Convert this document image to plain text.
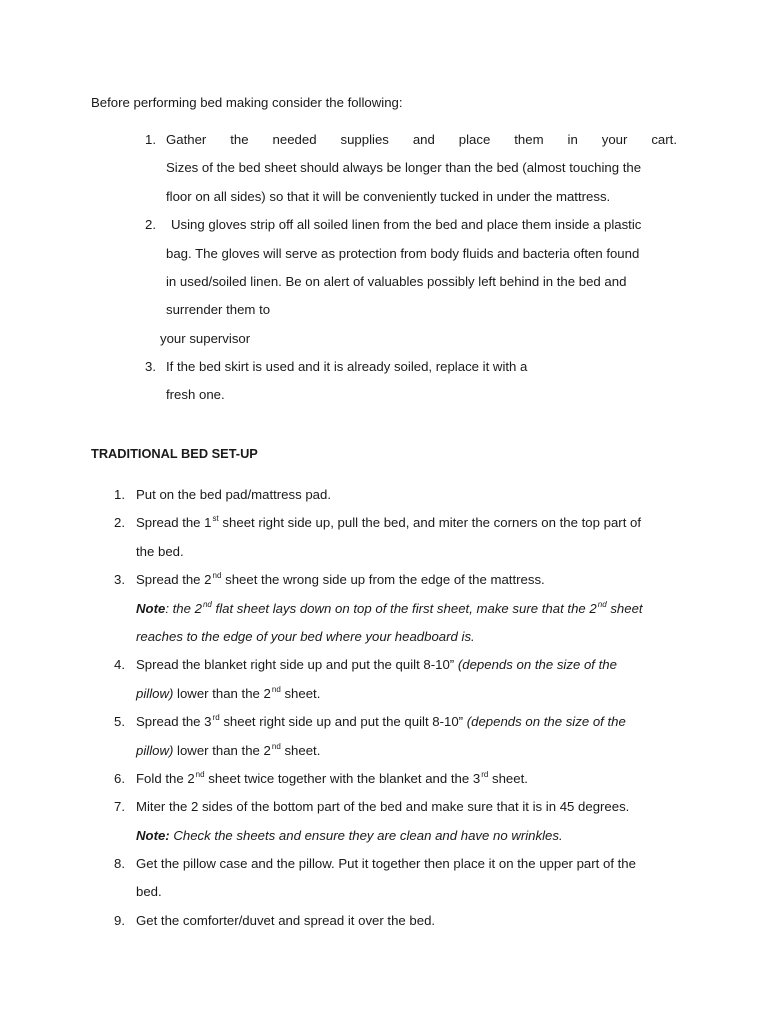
Before performing bed making consider the following:
1. Gather the needed supplies and place them in your cart.
Sizes of the bed sheet should always be longer than the bed (almost touching the
floor on all sides) so that it will be conveniently tucked in under the mattress.
2. Using gloves strip off all soiled linen from the bed and place them inside a plastic
bag. The gloves will serve as protection from body fluids and bacteria often found
in used/soiled linen. Be on alert of valuables possibly left behind in the bed and
surrender them to
your supervisor
3. If the bed skirt is used and it is already soiled, replace it with a
fresh one.
TRADITIONAL BED SET-UP
1. Put on the bed pad/mattress pad.
2. Spread the 1st sheet right side up, pull the bed, and miter the corners on the top part of
the bed.
3. Spread the 2nd sheet the wrong side up from the edge of the mattress.
Note: the 2nd flat sheet lays down on top of the first sheet, make sure that the 2nd sheet
reaches to the edge of your bed where your headboard is.
4. Spread the blanket right side up and put the quilt 8-10” (depends on the size of the
pillow) lower than the 2nd sheet.
5. Spread the 3rd sheet right side up and put the quilt 8-10” (depends on the size of the
pillow) lower than the 2nd sheet.
6. Fold the 2nd sheet twice together with the blanket and the 3rd sheet.
7. Miter the 2 sides of the bottom part of the bed and make sure that it is in 45 degrees.
Note: Check the sheets and ensure they are clean and have no wrinkles.
8. Get the pillow case and the pillow. Put it together then place it on the upper part of the
bed.
9. Get the comforter/duvet and spread it over the bed.
